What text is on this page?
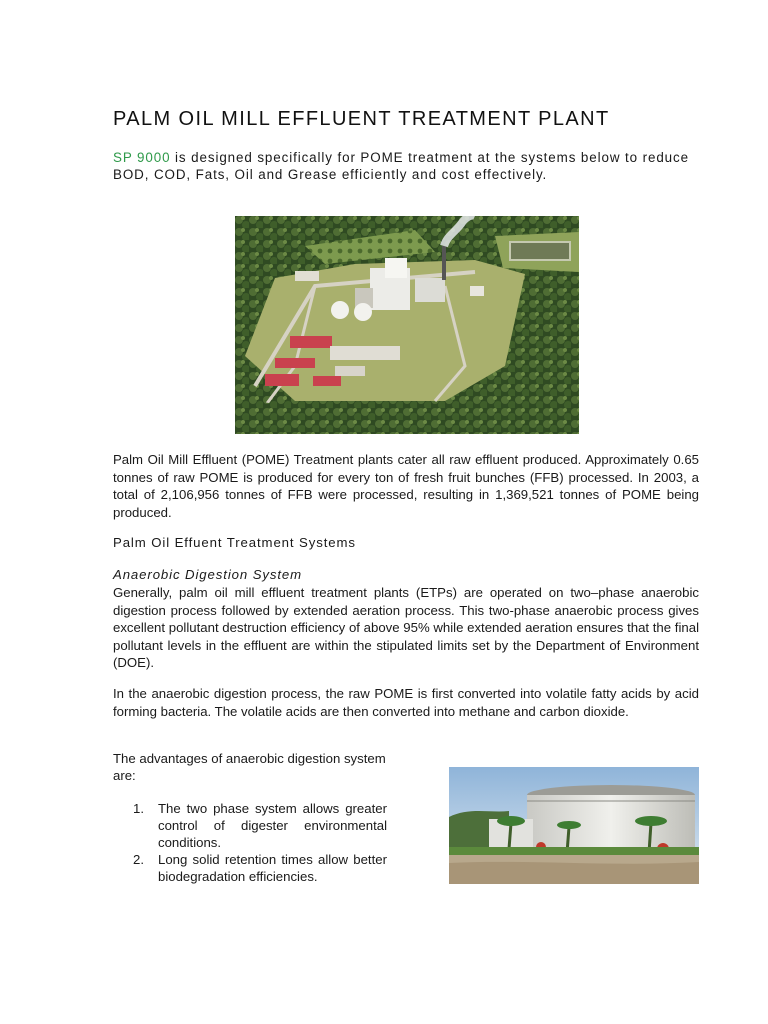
PALM OIL MILL EFFLUENT TREATMENT PLANT
SP 9000 is designed specifically for POME treatment at the systems below to reduce BOD, COD, Fats, Oil and Grease efficiently and cost effectively.
Palm Oil Mill Effluent (POME) Treatment plants cater all raw effluent produced. Approximately 0.65 tonnes of raw POME is produced for every ton of fresh fruit bunches (FFB) processed. In 2003, a total of 2,106,956 tonnes of FFB were processed, resulting in 1,369,521 tonnes of POME being produced.
Palm Oil Effuent Treatment Systems
Anaerobic Digestion System
Generally, palm oil mill effluent treatment plants (ETPs) are operated on two–phase anaerobic digestion process followed by extended aeration process. This two-phase anaerobic process gives excellent pollutant destruction efficiency of above 95% while extended aeration ensures that the final pollutant levels in the effluent are within the stipulated limits set by the Department of Environment (DOE).
In the anaerobic digestion process, the raw POME is first converted into volatile fatty acids by acid forming bacteria. The volatile acids are then converted into methane and carbon dioxide.
The advantages of anaerobic digestion system are:
1. The two phase system allows greater control of digester environmental conditions.
2. Long solid retention times allow better biodegradation efficiencies.
